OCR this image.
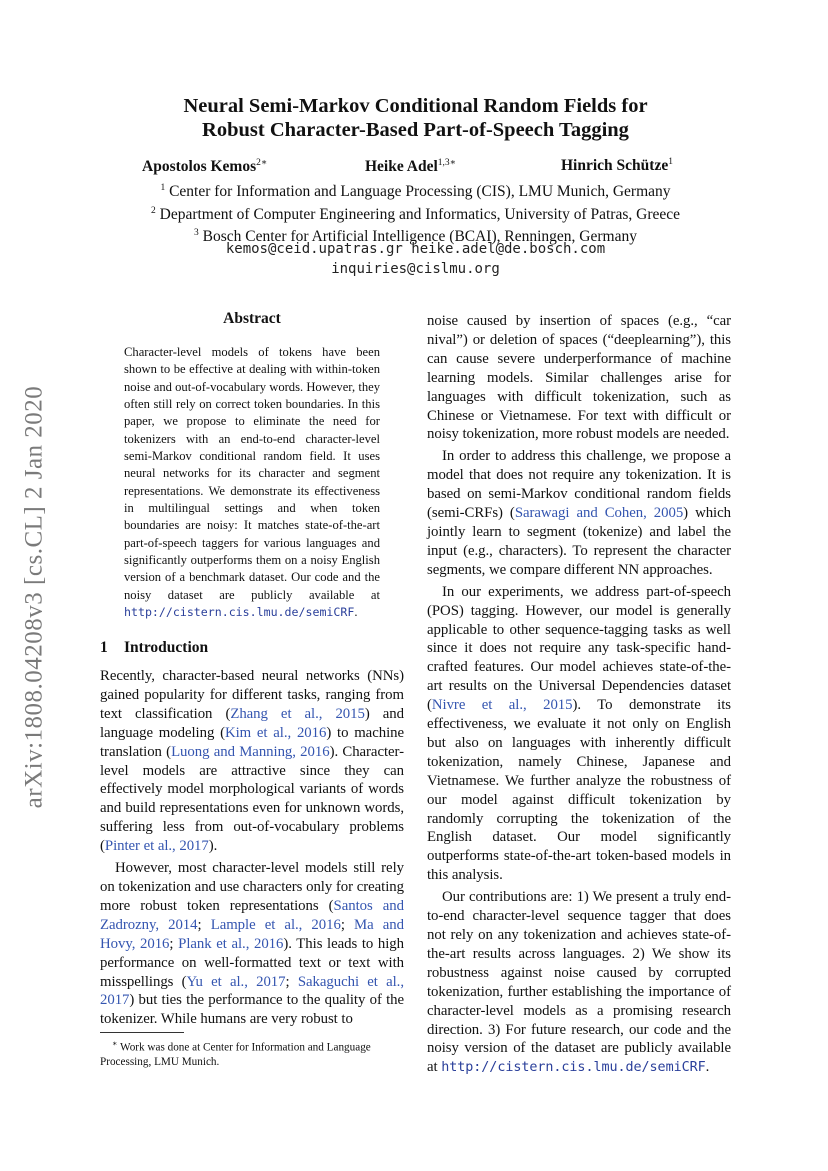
arXiv:1808.04208v3 [cs.CL] 2 Jan 2020
Neural Semi-Markov Conditional Random Fields for
Robust Character-Based Part-of-Speech Tagging
Apostolos Kemos$^{2∗}$	Heike Adel$^{1,3∗}$	Hinrich Schütze$^1$
$^1$ Center for Information and Language Processing (CIS), LMU Munich, Germany
$^2$ Department of Computer Engineering and Informatics, University of Patras, Greece
$^3$ Bosch Center for Artificial Intelligence (BCAI), Renningen, Germany
kemos@ceid.upatras.gr heike.adel@de.bosch.com
inquiries@cislmu.org
Abstract
Character-level models of tokens have been shown to be effective at dealing with within-token noise and out-of-vocabulary words. However, they often still rely on correct token boundaries. In this paper, we propose to eliminate the need for tokenizers with an end-to-end character-level semi-Markov conditional random field. It uses neural networks for its character and segment representations. We demonstrate its effectiveness in multilingual settings and when token boundaries are noisy: It matches state-of-the-art part-of-speech taggers for various languages and significantly outperforms them on a noisy English version of a benchmark dataset. Our code and the noisy dataset are publicly available at http://cistern.cis.lmu.de/semiCRF.
1 Introduction

Recently, character-based neural networks (NNs) gained popularity for different tasks, ranging from text classification (Zhang et al., 2015) and language modeling (Kim et al., 2016) to machine translation (Luong and Manning, 2016). Character-level models are attractive since they can effectively model morphological variants of words and build representations even for unknown words, suffering less from out-of-vocabulary problems (Pinter et al., 2017).

However, most character-level models still rely on tokenization and use characters only for creating more robust token representations (Santos and Zadrozny, 2014; Lample et al., 2016; Ma and Hovy, 2016; Plank et al., 2016). This leads to high performance on well-formatted text or text with misspellings (Yu et al., 2017; Sakaguchi et al., 2017) but ties the performance to the quality of the tokenizer. While humans are very robust to

noise caused by insertion of spaces (e.g., “car nival”) or deletion of spaces (“deeplearning”), this can cause severe underperformance of machine learning models. Similar challenges arise for languages with difficult tokenization, such as Chinese or Vietnamese. For text with difficult or noisy tokenization, more robust models are needed.

In order to address this challenge, we propose a model that does not require any tokenization. It is based on semi-Markov conditional random fields (semi-CRFs) (Sarawagi and Cohen, 2005) which jointly learn to segment (tokenize) and label the input (e.g., characters). To represent the character segments, we compare different NN approaches.

In our experiments, we address part-of-speech (POS) tagging. However, our model is generally applicable to other sequence-tagging tasks as well since it does not require any task-specific hand-crafted features. Our model achieves state-of-the-art results on the Universal Dependencies dataset (Nivre et al., 2015). To demonstrate its effectiveness, we evaluate it not only on English but also on languages with inherently difficult tokenization, namely Chinese, Japanese and Vietnamese. We further analyze the robustness of our model against difficult tokenization by randomly corrupting the tokenization of the English dataset. Our model significantly outperforms state-of-the-art token-based models in this analysis.

Our contributions are: 1) We present a truly end-to-end character-level sequence tagger that does not rely on any tokenization and achieves state-of-the-art results across languages. 2) We show its robustness against noise caused by corrupted tokenization, further establishing the importance of character-level models as a promising research direction. 3) For future research, our code and the noisy version of the dataset are publicly available at http://cistern.cis.lmu.de/semiCRF.

∗ Work was done at Center for Information and Language Processing, LMU Munich.
